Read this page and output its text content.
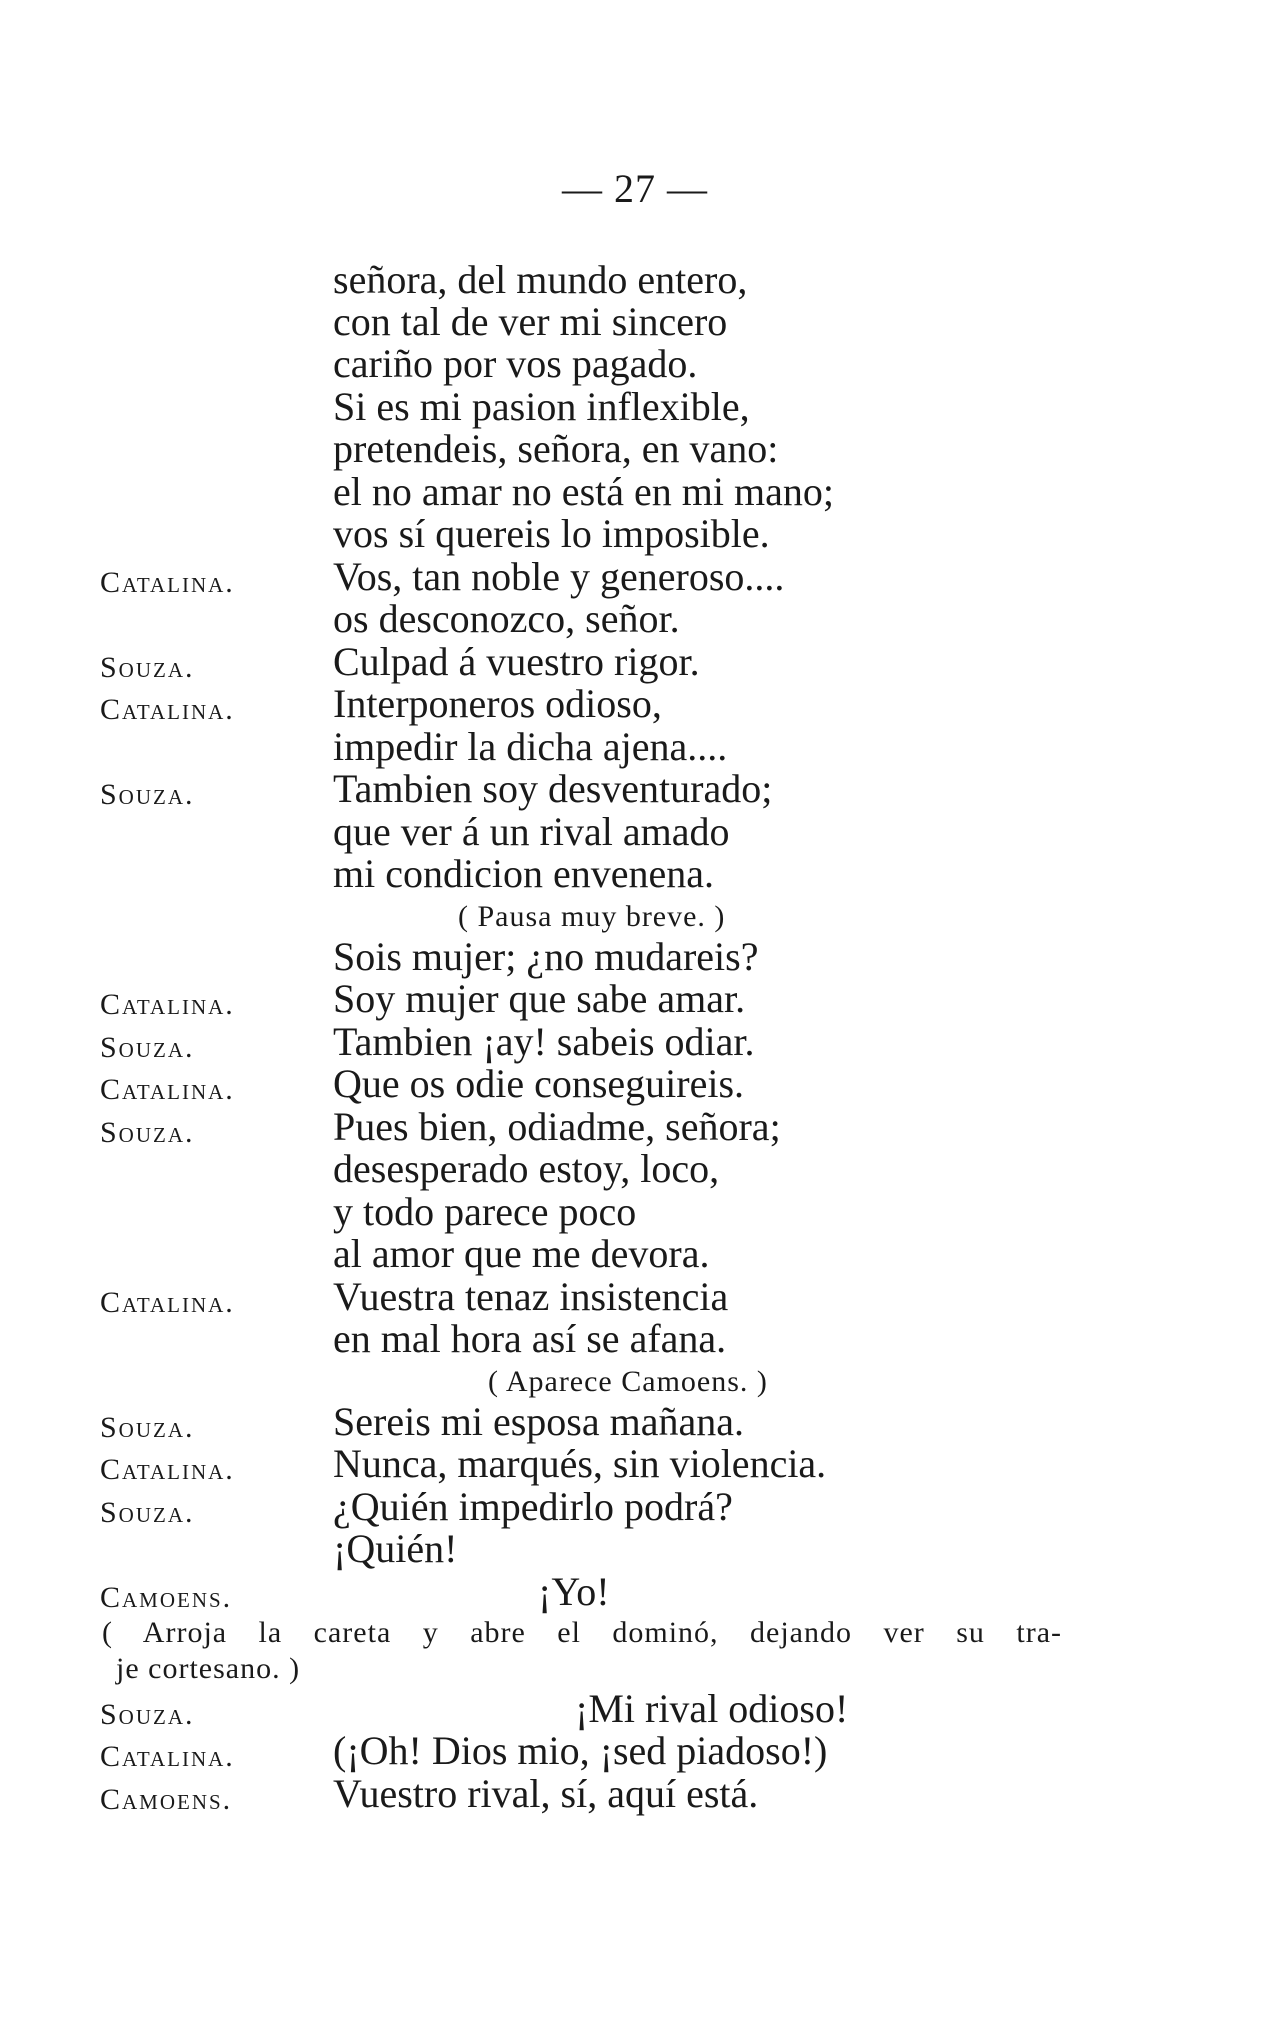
— 27 —
señora, del mundo entero,
con tal de ver mi sincero
cariño por vos pagado.
Si es mi pasion inflexible,
pretendeis, señora, en vano:
el no amar no está en mi mano;
vos sí quereis lo imposible.
Catalina. Vos, tan noble y generoso....
os desconozco, señor.
Souza.	Culpad á vuestro rigor.
Catalina. Interponeros odioso,
impedir la dicha ajena....
Souza.	Tambien soy desventurado;
que ver á un rival amado
mi condicion envenena.
( Pausa muy breve. )
Sois mujer; ¿no mudareis?
Catalina. Soy mujer que sabe amar.
Souza.	Tambien ¡ay! sabeis odiar.
Catalina. Que os odie conseguireis.
Souza.	Pues bien, odiadme, señora;
desesperado estoy, loco,
y todo parece poco
al amor que me devora.
Catalina. Vuestra tenaz insistencia
en mal hora así se afana.
( Aparece Camoens. )
Souza.	Sereis mi esposa mañana.
Catalina. Nunca, marqués, sin violencia.
Souza.	¿Quién impedirlo podrá?
¡Quién!
Camoens.	¡Yo!
( Arroja la careta y abre el dominó, dejando ver su tra-
je cortesano. )
Souza.	¡Mi rival odioso!
Catalina. (¡Oh! Dios mio, ¡sed piadoso!)
Camoens.	Vuestro rival, sí, aquí está.
